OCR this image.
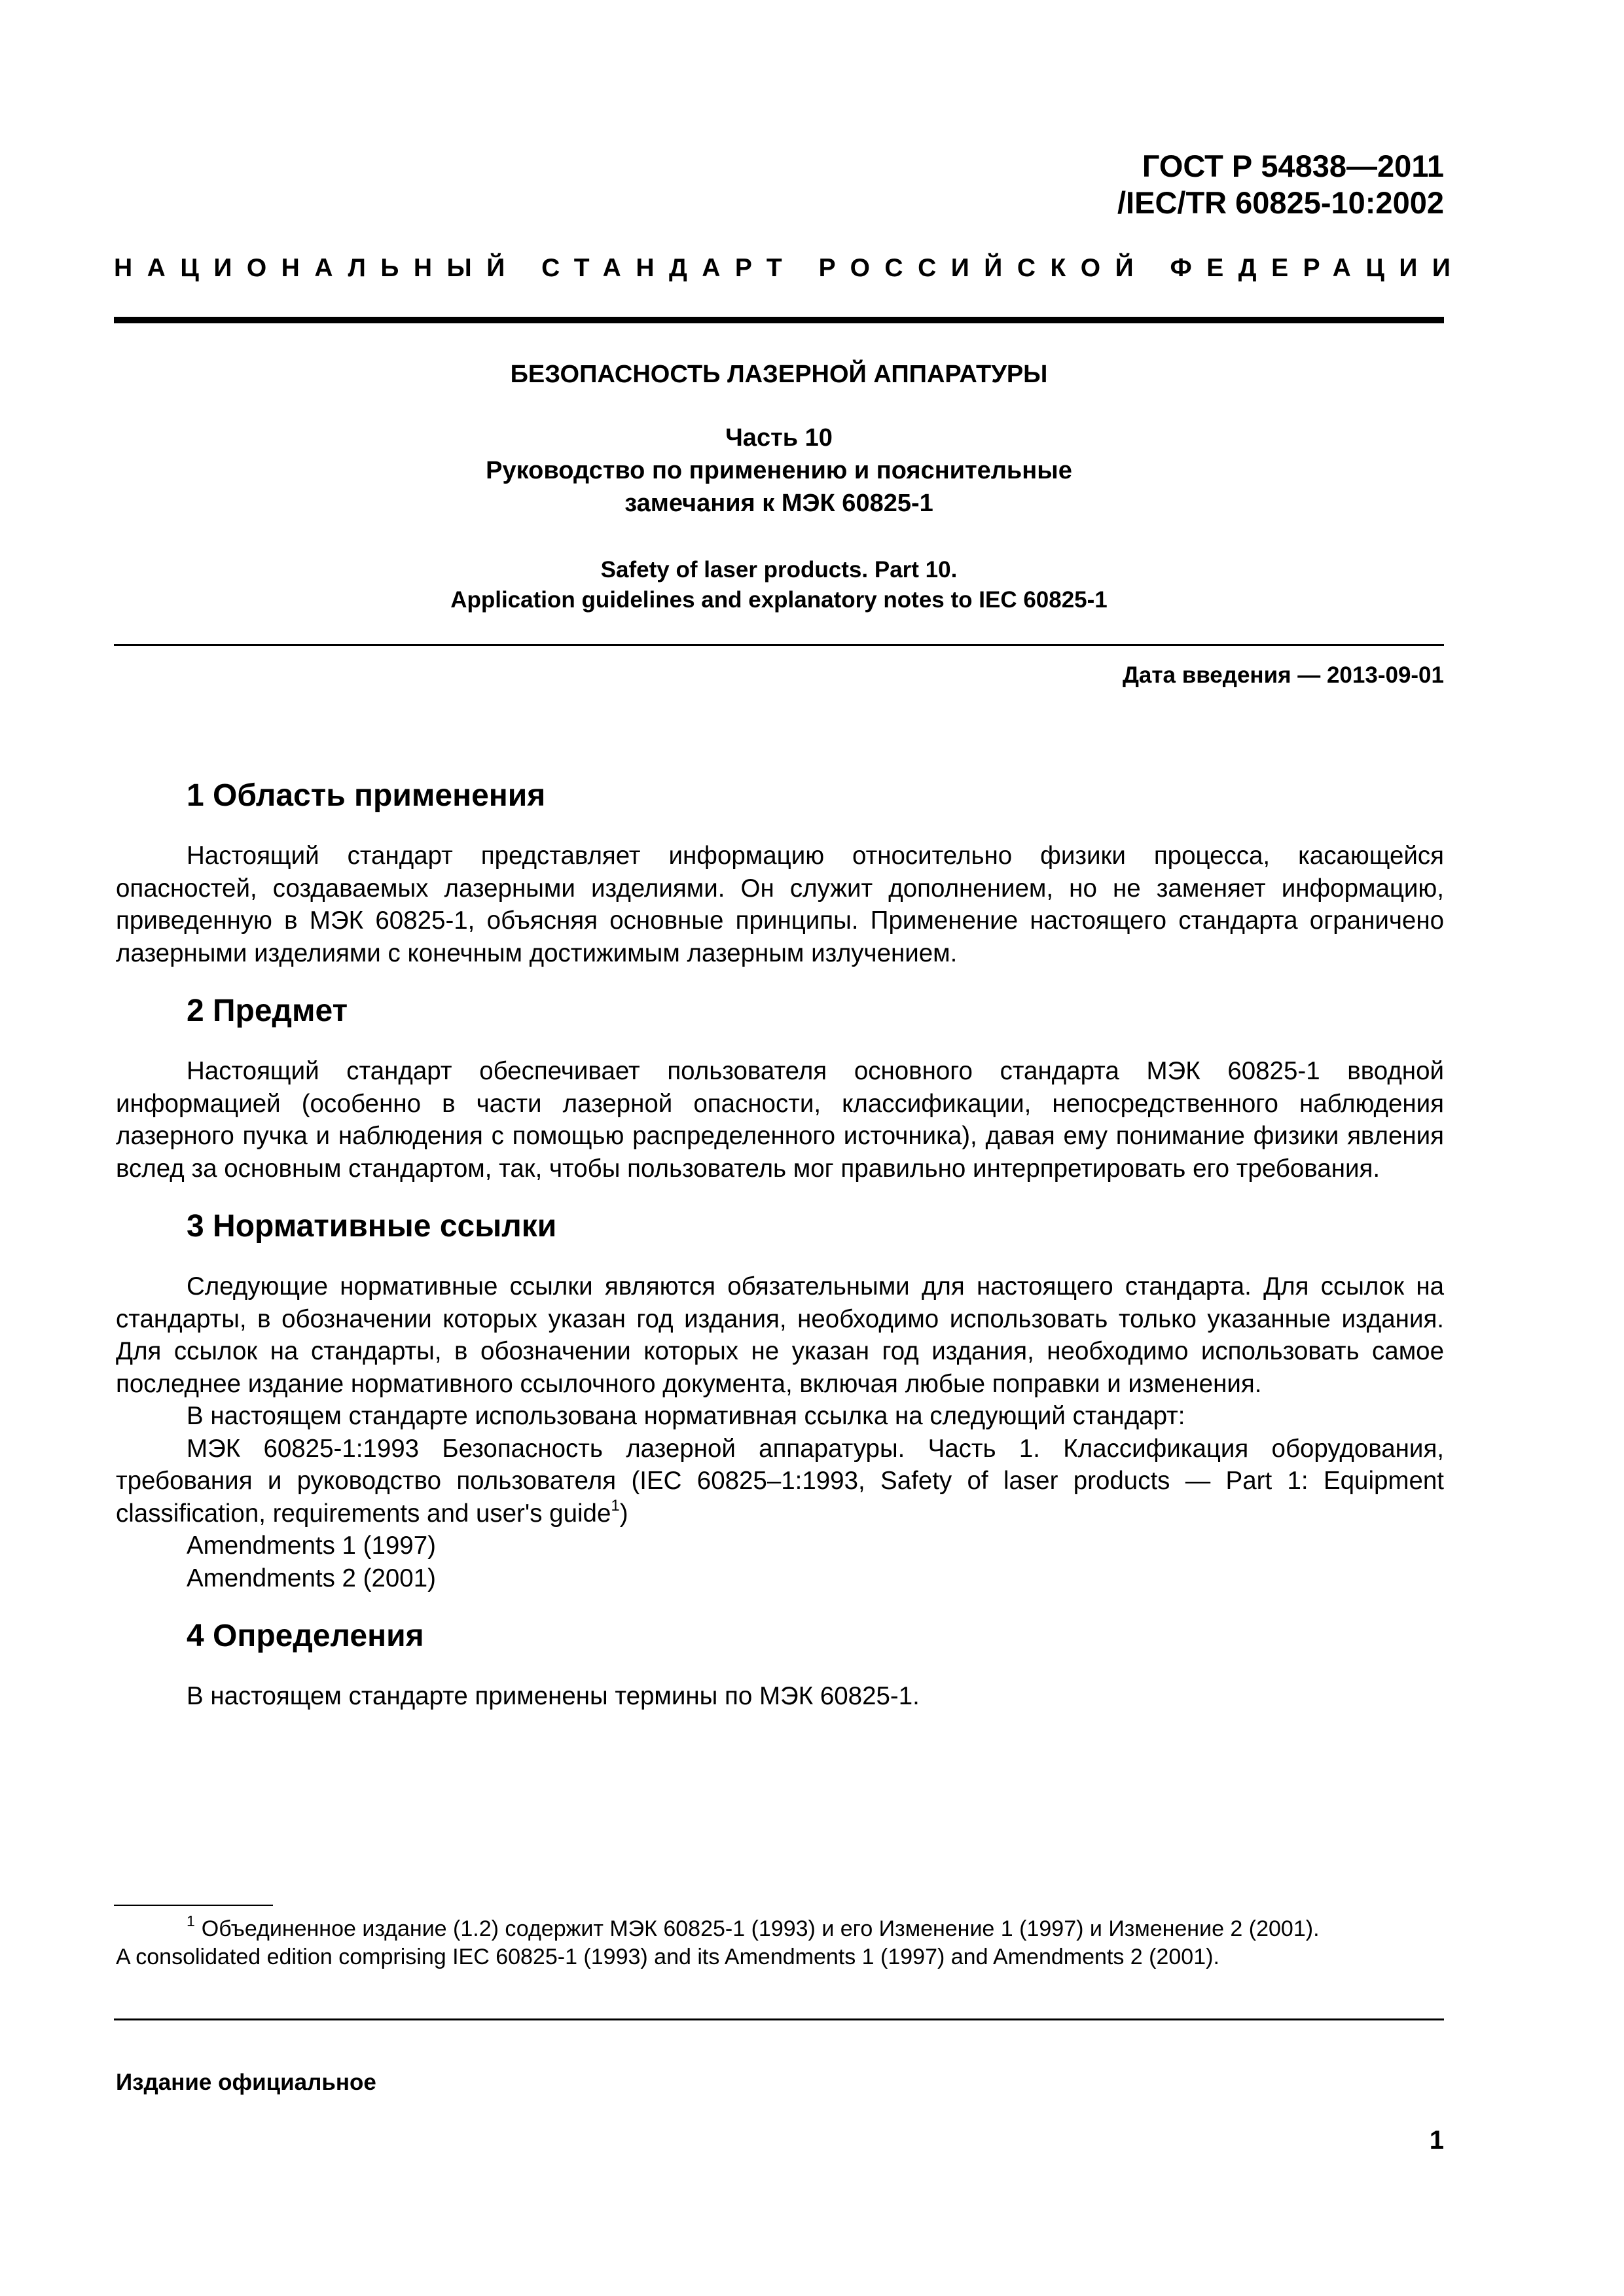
ГОСТ Р 54838—2011
/IEC/TR 60825-10:2002
НАЦИОНАЛЬНЫЙ СТАНДАРТ РОССИЙСКОЙ ФЕДЕРАЦИИ
БЕЗОПАСНОСТЬ ЛАЗЕРНОЙ АППАРАТУРЫ
Часть 10
Руководство по применению и пояснительные
замечания к МЭК 60825-1
Safety of laser products. Part 10.
Application guidelines and explanatory notes to IEC 60825-1
Дата введения — 2013-09-01
1 Область применения

Настоящий стандарт представляет информацию относительно физики процесса, касающейся опасностей, создаваемых лазерными изделиями. Он служит дополнением, но не заменяет информацию, приведенную в МЭК 60825-1, объясняя основные принципы. Применение настоящего стандарта ограничено лазерными изделиями с конечным достижимым лазерным излучением.

2 Предмет

Настоящий стандарт обеспечивает пользователя основного стандарта МЭК 60825-1 вводной информацией (особенно в части лазерной опасности, классификации, непосредственного наблюдения лазерного пучка и наблюдения с помощью распределенного источника), давая ему понимание физики явления вслед за основным стандартом, так, чтобы пользователь мог правильно интерпретировать его требования.

3 Нормативные ссылки

Следующие нормативные ссылки являются обязательными для настоящего стандарта. Для ссылок на стандарты, в обозначении которых указан год издания, необходимо использовать только указанные издания. Для ссылок на стандарты, в обозначении которых не указан год издания, необходимо использовать самое последнее издание нормативного ссылочного документа, включая любые поправки и изменения.

В настоящем стандарте использована нормативная ссылка на следующий стандарт:

МЭК 60825-1:1993 Безопасность лазерной аппаратуры. Часть 1. Классификация оборудования, требования и руководство пользователя (IEC 60825–1:1993, Safety of laser products — Part 1: Equipment classification, requirements and user's guide$^1$)

Amendments 1 (1997)
Amendments 2 (2001)
4 Определения

В настоящем стандарте применены термины по МЭК 60825-1.

$^1$ Объединенное издание (1.2) содержит МЭК 60825-1 (1993) и его Изменение 1 (1997) и Изменение 2 (2001).

A consolidated edition comprising IEC 60825-1 (1993) and its Amendments 1 (1997) and Amendments 2 (2001).

Издание официальное
1
